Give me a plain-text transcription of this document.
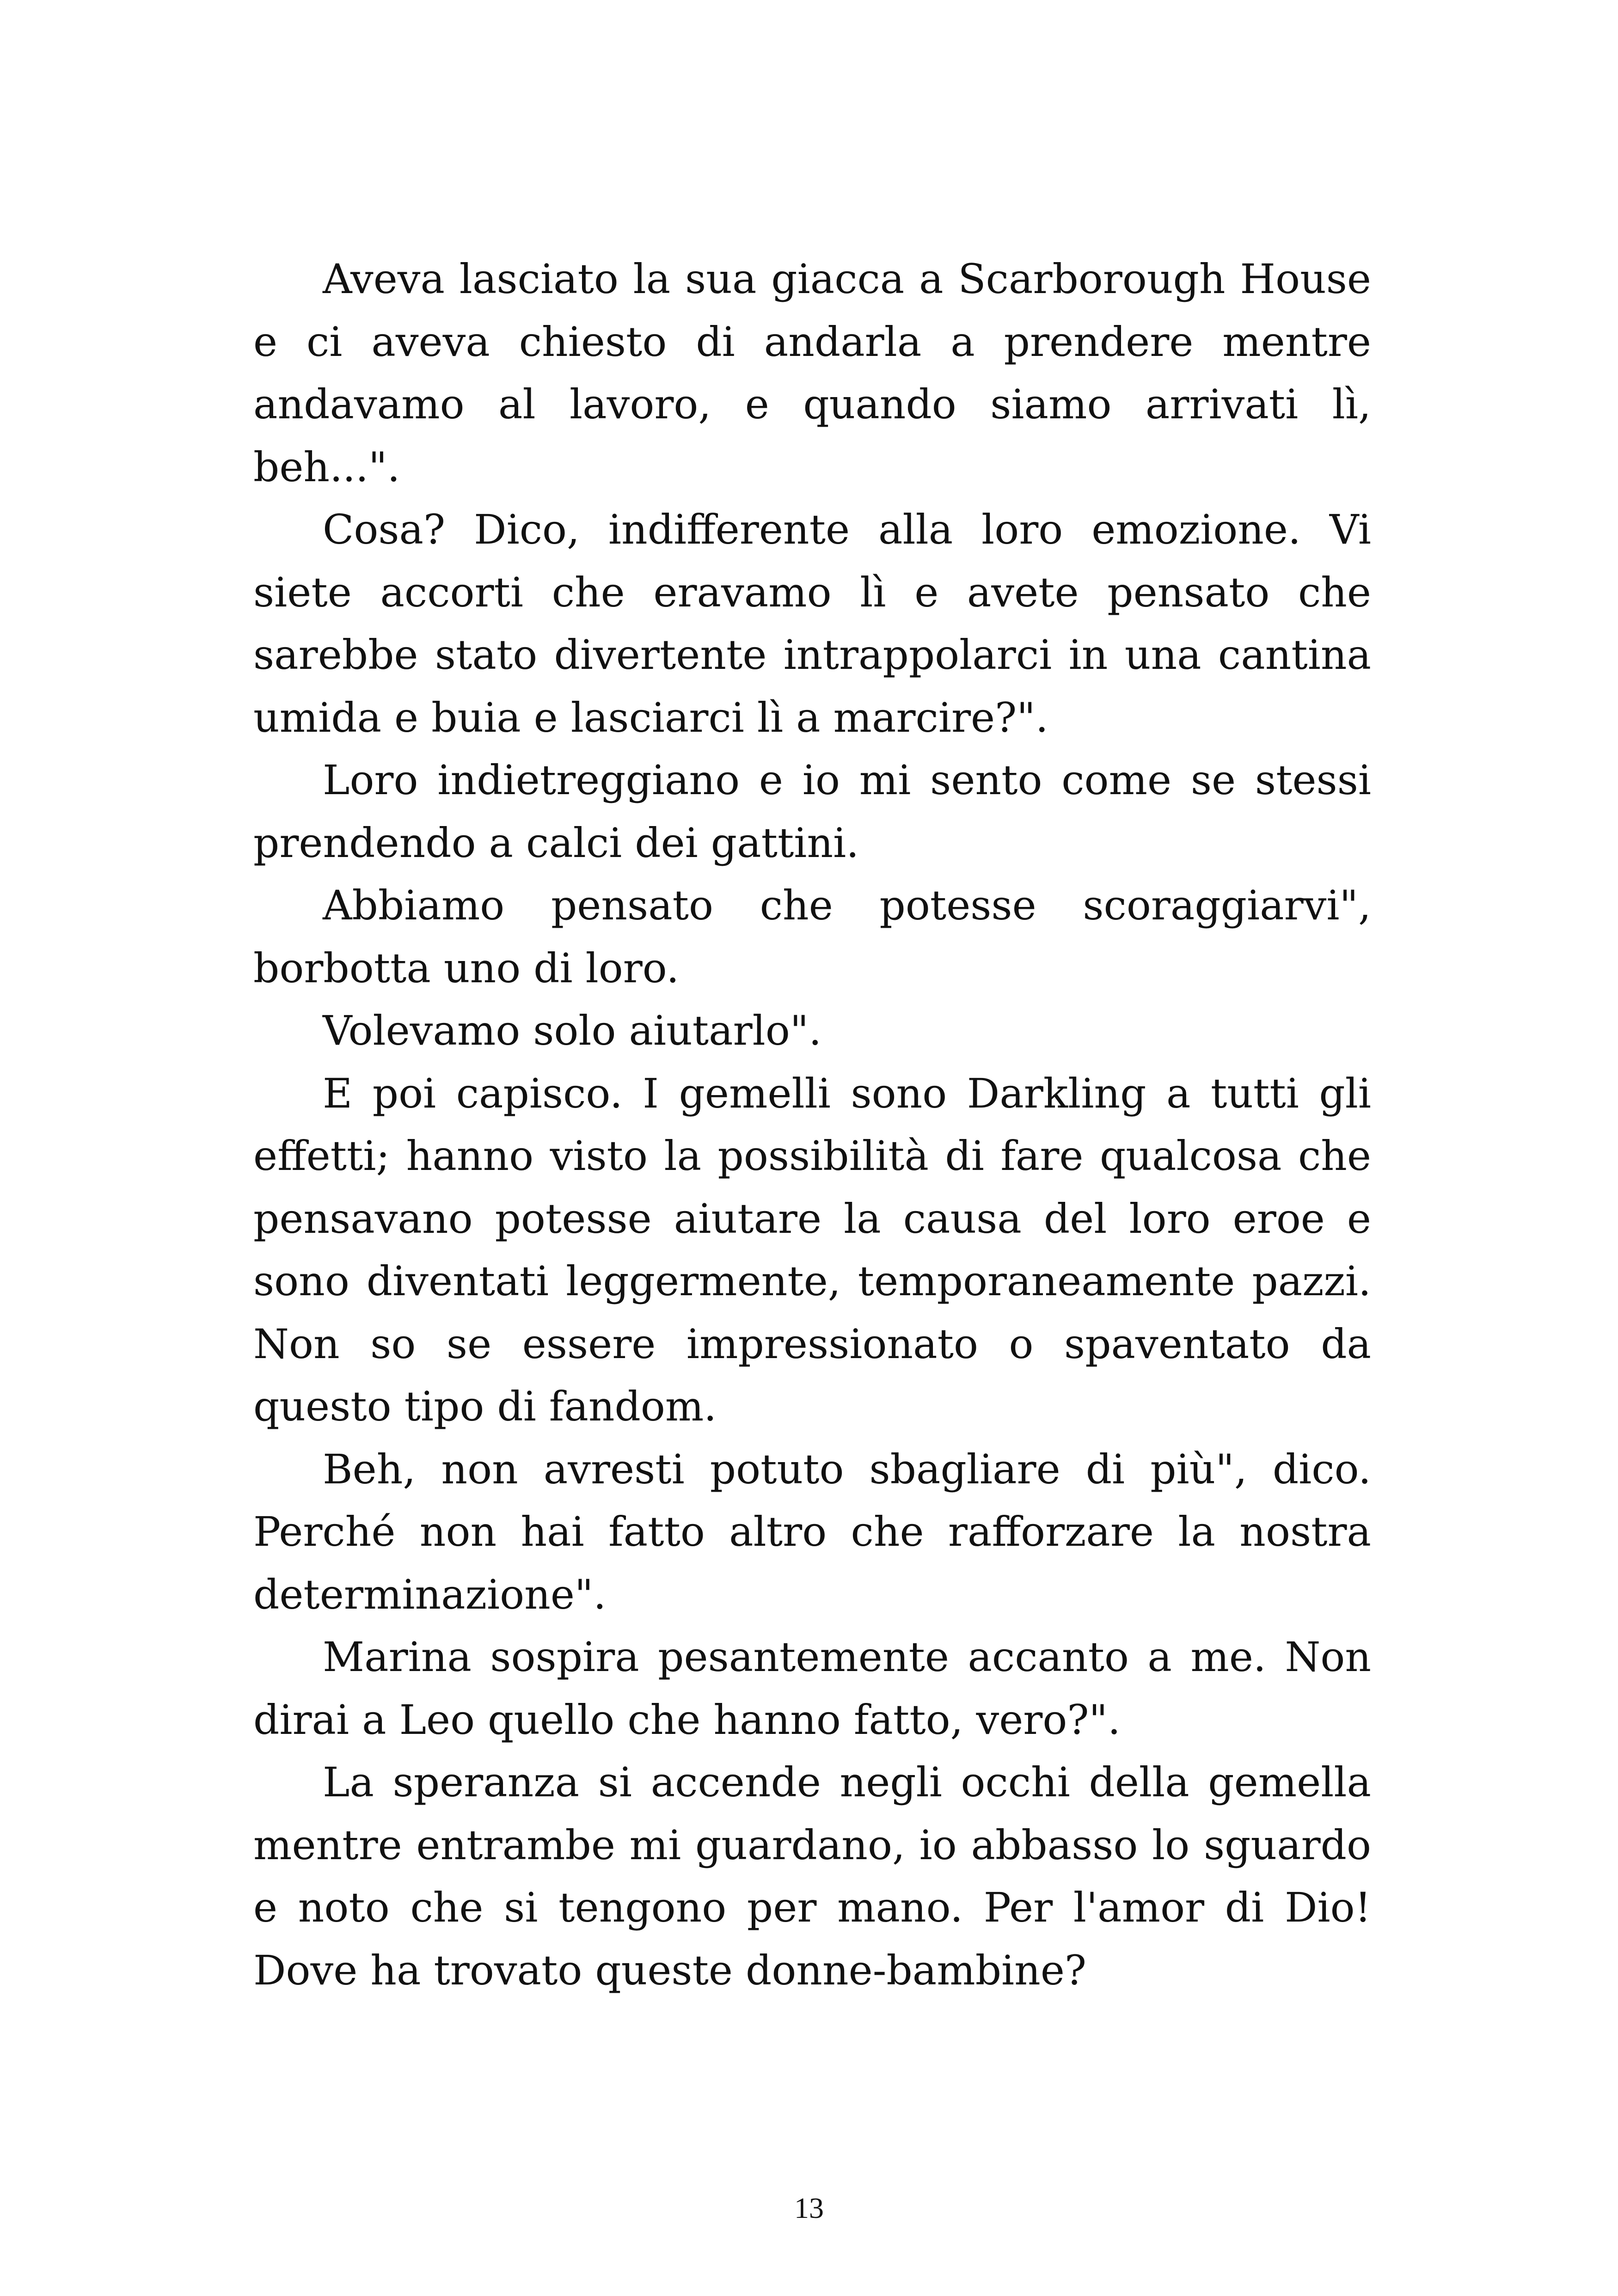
Aveva lasciato la sua giacca a Scarborough House e ci aveva chiesto di andarla a prendere mentre andavamo al lavoro, e quando siamo arrivati lì, beh...".

Cosa? Dico, indifferente alla loro emozione. Vi siete accorti che eravamo lì e avete pensato che sarebbe stato divertente intrappolarci in una cantina umida e buia e lasciarci lì a marcire?".

Loro indietreggiano e io mi sento come se stessi prendendo a calci dei gattini.

Abbiamo pensato che potesse scoraggiarvi", borbotta uno di loro.

Volevamo solo aiutarlo".

E poi capisco. I gemelli sono Darkling a tutti gli effetti; hanno visto la possibilità di fare qualcosa che pensavano potesse aiutare la causa del loro eroe e sono diventati leggermente, temporaneamente pazzi. Non so se essere impressionato o spaventato da questo tipo di fandom.

Beh, non avresti potuto sbagliare di più", dico. Perché non hai fatto altro che rafforzare la nostra determinazione".

Marina sospira pesantemente accanto a me. Non dirai a Leo quello che hanno fatto, vero?".

La speranza si accende negli occhi della gemella mentre entrambe mi guardano, io abbasso lo sguardo e noto che si tengono per mano. Per l'amor di Dio! Dove ha trovato queste donne-bambine?

13
